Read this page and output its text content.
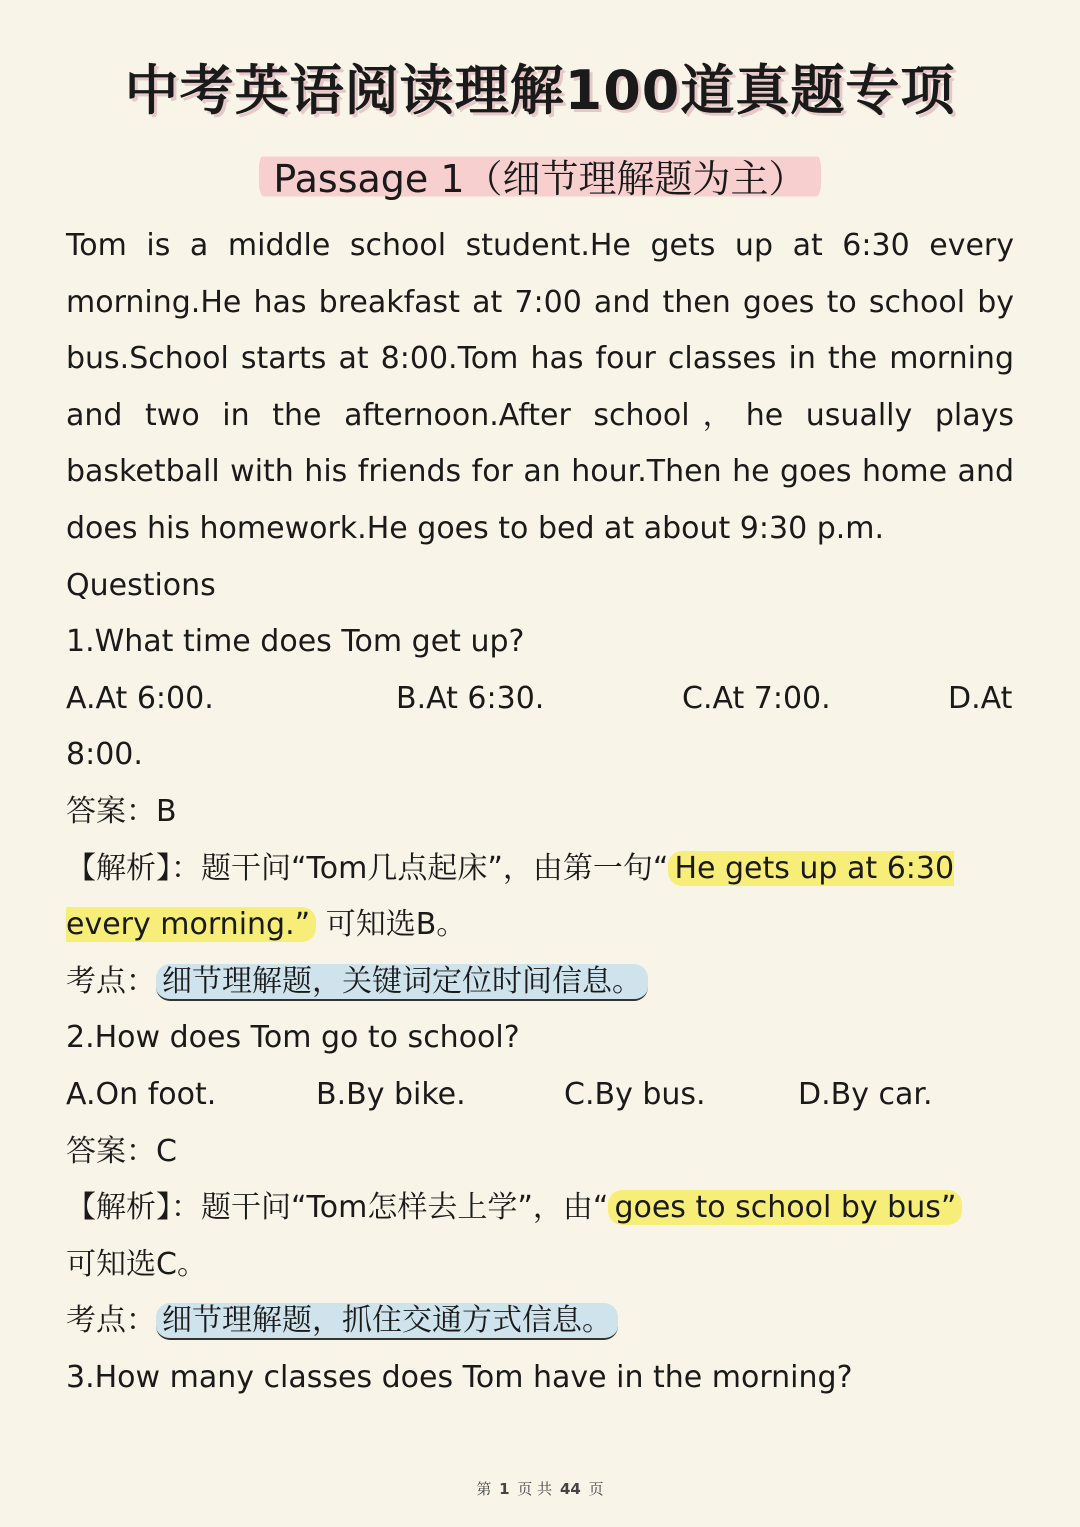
中考英语阅读理解100道真题专项
Passage 1（细节理解题为主）
Tom is a middle school student.He gets up at 6:30 every morning.He has breakfast at 7:00 and then goes to school by bus.School starts at 8:00.Tom has four classes in the morning and two in the afternoon.After school，he usually plays basketball with his friends for an hour.Then he goes home and does his homework.He goes to bed at about 9:30 p.m.
Questions
1.What time does Tom get up?
A.At 6:00.	B.At 6:30.	C.At 7:00.	D.At
8:00.
答案：B
【解析】：题干问“Tom几点起床”，由第一句“ He gets up at 6:30 every morning.” 可知选B。
考点： 细节理解题，关键词定位时间信息。
2.How does Tom go to school?
A.On foot.	B.By bike.	C.By bus.	D.By car.
答案：C
【解析】：题干问“Tom怎样去上学”，由“ goes to school by bus”
可知选C。
考点： 细节理解题，抓住交通方式信息。
3.How many classes does Tom have in the morning?
第 1 页 共 44 页
